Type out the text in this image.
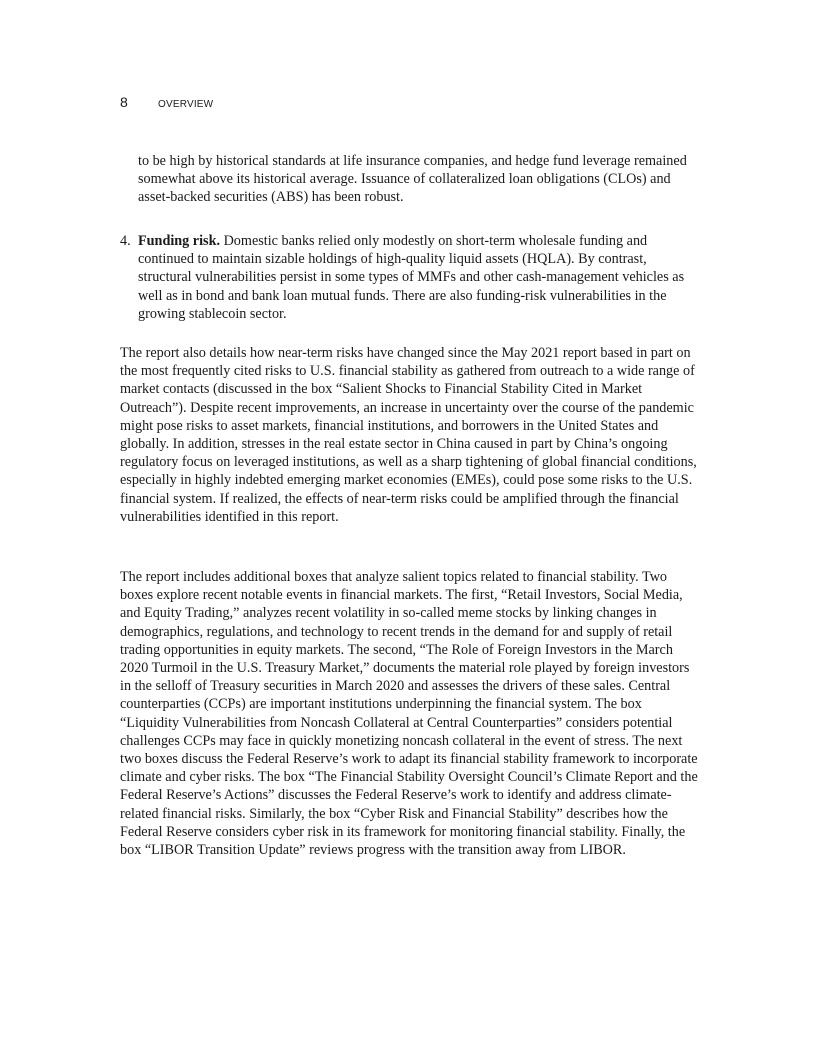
8	OVERVIEW

to be high by historical standards at life insurance companies, and hedge fund leverage remained somewhat above its historical average. Issuance of collateralized loan obligations (CLOs) and asset-backed securities (ABS) has been robust.

4. Funding risk. Domestic banks relied only modestly on short-term wholesale funding and continued to maintain sizable holdings of high-quality liquid assets (HQLA). By contrast, structural vulnerabilities persist in some types of MMFs and other cash-management vehicles as well as in bond and bank loan mutual funds. There are also funding-risk vulnerabilities in the growing stablecoin sector.

The report also details how near-term risks have changed since the May 2021 report based in part on the most frequently cited risks to U.S. financial stability as gathered from outreach to a wide range of market contacts (discussed in the box “Salient Shocks to Financial Stability Cited in Market Outreach”). Despite recent improvements, an increase in uncertainty over the course of the pandemic might pose risks to asset markets, financial institutions, and borrowers in the United States and globally. In addition, stresses in the real estate sector in China caused in part by China’s ongoing regulatory focus on leveraged institutions, as well as a sharp tightening of global financial conditions, especially in highly indebted emerging market economies (EMEs), could pose some risks to the U.S. financial system. If realized, the effects of near-term risks could be amplified through the financial vulnerabilities identified in this report.

The report includes additional boxes that analyze salient topics related to financial stability. Two boxes explore recent notable events in financial markets. The first, “Retail Investors, Social Media, and Equity Trading,” analyzes recent volatility in so-called meme stocks by linking changes in demographics, regulations, and technology to recent trends in the demand for and supply of retail trading opportunities in equity markets. The second, “The Role of Foreign Investors in the March 2020 Turmoil in the U.S. Treasury Market,” documents the material role played by foreign investors in the selloff of Treasury securities in March 2020 and assesses the drivers of these sales. Central counterparties (CCPs) are important institutions underpinning the financial system. The box “Liquidity Vulnerabilities from Noncash Collateral at Central Counterparties” considers potential challenges CCPs may face in quickly monetizing noncash collateral in the event of stress. The next two boxes discuss the Federal Reserve’s work to adapt its financial stability framework to incorporate climate and cyber risks. The box “The Financial Stability Oversight Council’s Climate Report and the Federal Reserve’s Actions” discusses the Federal Reserve’s work to identify and address climate-related financial risks. Similarly, the box “Cyber Risk and Financial Stability” describes how the Federal Reserve considers cyber risk in its framework for monitoring financial stability. Finally, the box “LIBOR Transition Update” reviews progress with the transition away from LIBOR.
